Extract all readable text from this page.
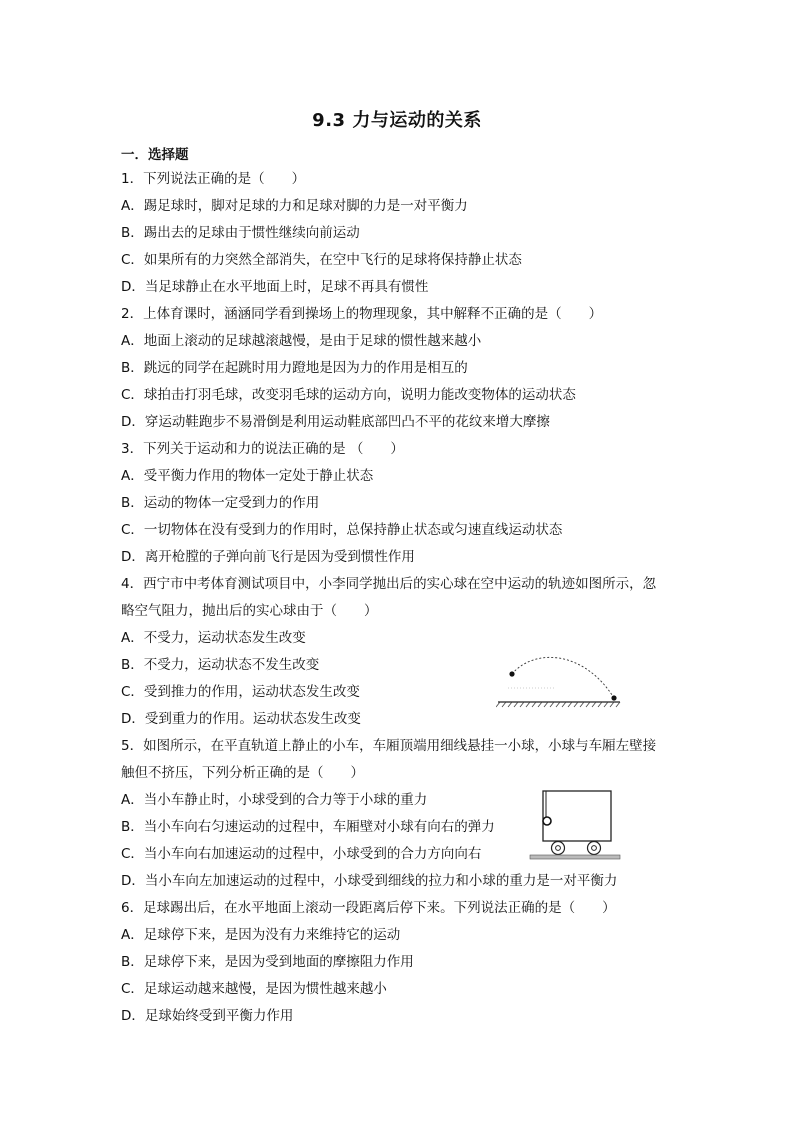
9.3 力与运动的关系
一．选择题
1．下列说法正确的是（　　）
A．踢足球时，脚对足球的力和足球对脚的力是一对平衡力
B．踢出去的足球由于惯性继续向前运动
C．如果所有的力突然全部消失，在空中飞行的足球将保持静止状态
D．当足球静止在水平地面上时，足球不再具有惯性
2．上体育课时，涵涵同学看到操场上的物理现象，其中解释不正确的是（　　）
A．地面上滚动的足球越滚越慢，是由于足球的惯性越来越小
B．跳远的同学在起跳时用力蹬地是因为力的作用是相互的
C．球拍击打羽毛球，改变羽毛球的运动方向，说明力能改变物体的运动状态
D．穿运动鞋跑步不易滑倒是利用运动鞋底部凹凸不平的花纹来增大摩擦
3．下列关于运动和力的说法正确的是 （　　）
A．受平衡力作用的物体一定处于静止状态
B．运动的物体一定受到力的作用
C．一切物体在没有受到力的作用时，总保持静止状态或匀速直线运动状态
D．离开枪膛的子弹向前飞行是因为受到惯性作用
4．西宁市中考体育测试项目中，小李同学抛出后的实心球在空中运动的轨迹如图所示，忽
略空气阻力，抛出后的实心球由于（　　）
A．不受力，运动状态发生改变
B．不受力，运动状态不发生改变
C．受到推力的作用，运动状态发生改变
D．受到重力的作用。运动状态发生改变
5．如图所示，在平直轨道上静止的小车，车厢顶端用细线悬挂一小球，小球与车厢左壁接
触但不挤压，下列分析正确的是（　　）
A．当小车静止时，小球受到的合力等于小球的重力
B．当小车向右匀速运动的过程中，车厢壁对小球有向右的弹力
C．当小车向右加速运动的过程中，小球受到的合力方向向右
D．当小车向左加速运动的过程中，小球受到细线的拉力和小球的重力是一对平衡力
6．足球踢出后，在水平地面上滚动一段距离后停下来。下列说法正确的是（　　）
A．足球停下来，是因为没有力来维持它的运动
B．足球停下来，是因为受到地面的摩擦阻力作用
C．足球运动越来越慢，是因为惯性越来越小
D．足球始终受到平衡力作用
